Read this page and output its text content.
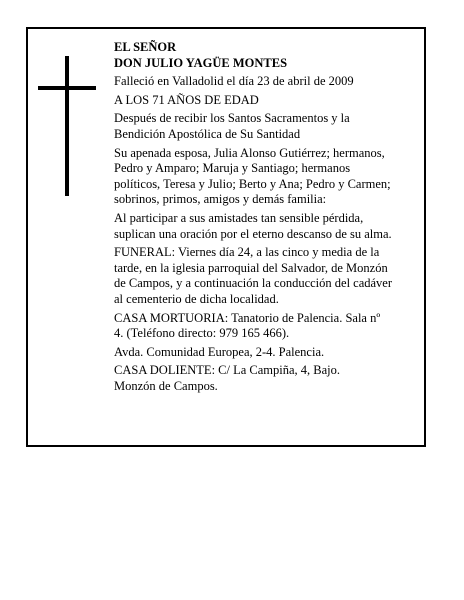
EL SEÑOR
DON JULIO YAGÜE MONTES
Falleció en Valladolid el día 23 de abril de 2009
A LOS 71 AÑOS DE EDAD
Después de recibir los Santos Sacramentos y la
Bendición Apostólica de Su Santidad
Su apenada esposa, Julia Alonso Gutiérrez; hermanos,
Pedro y Amparo; Maruja y Santiago; hermanos
políticos, Teresa y Julio; Berto y Ana; Pedro y Carmen;
sobrinos, primos, amigos y demás familia:
Al participar a sus amistades tan sensible pérdida,
suplican una oración por el eterno descanso de su alma.
FUNERAL: Viernes día 24, a las cinco y media de la
tarde, en la iglesia parroquial del Salvador, de Monzón
de Campos, y a continuación la conducción del cadáver
al cementerio de dicha localidad.
CASA MORTUORIA: Tanatorio de Palencia. Sala nº
4. (Teléfono directo: 979 165 466).
Avda. Comunidad Europea, 2-4. Palencia.
CASA DOLIENTE: C/ La Campiña, 4, Bajo.
Monzón de Campos.
